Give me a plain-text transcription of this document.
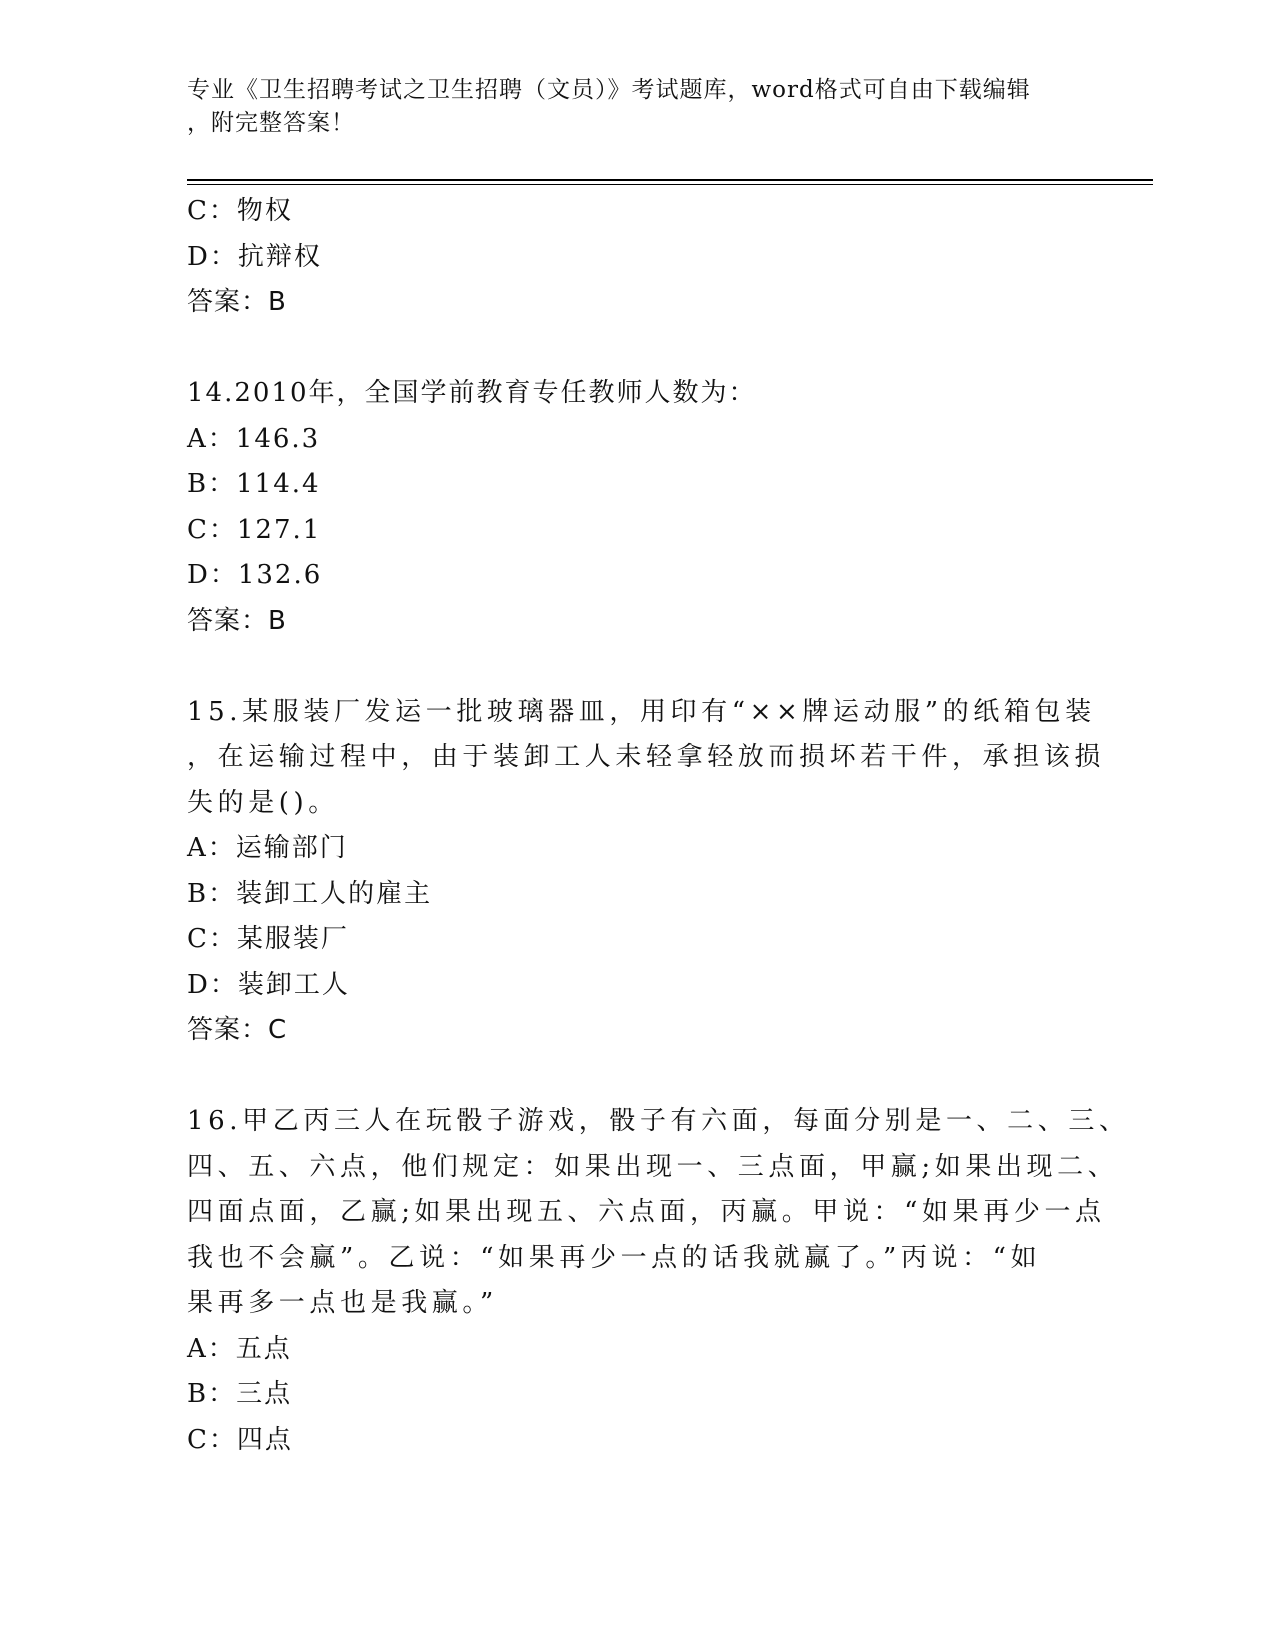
专业《卫生招聘考试之卫生招聘（文员）》考试题库，word格式可自由下载编辑
，附完整答案！
C：物权
D：抗辩权
答案：B
14.2010年，全国学前教育专任教师人数为：
A：146.3
B：114.4
C：127.1
D：132.6
答案：B
15.某服装厂发运一批玻璃器皿，用印有“××牌运动服”的纸箱包装
，在运输过程中，由于装卸工人未轻拿轻放而损坏若干件，承担该损
失的是()。
A：运输部门
B：装卸工人的雇主
C：某服装厂
D：装卸工人
答案：C
16.甲乙丙三人在玩骰子游戏，骰子有六面，每面分别是一、二、三、
四、五、六点，他们规定：如果出现一、三点面，甲赢;如果出现二、
四面点面，乙赢;如果出现五、六点面，丙赢。甲说：“如果再少一点
我也不会赢”。乙说：“如果再少一点的话我就赢了。”丙说：“如
果再多一点也是我赢。”
A：五点
B：三点
C：四点
